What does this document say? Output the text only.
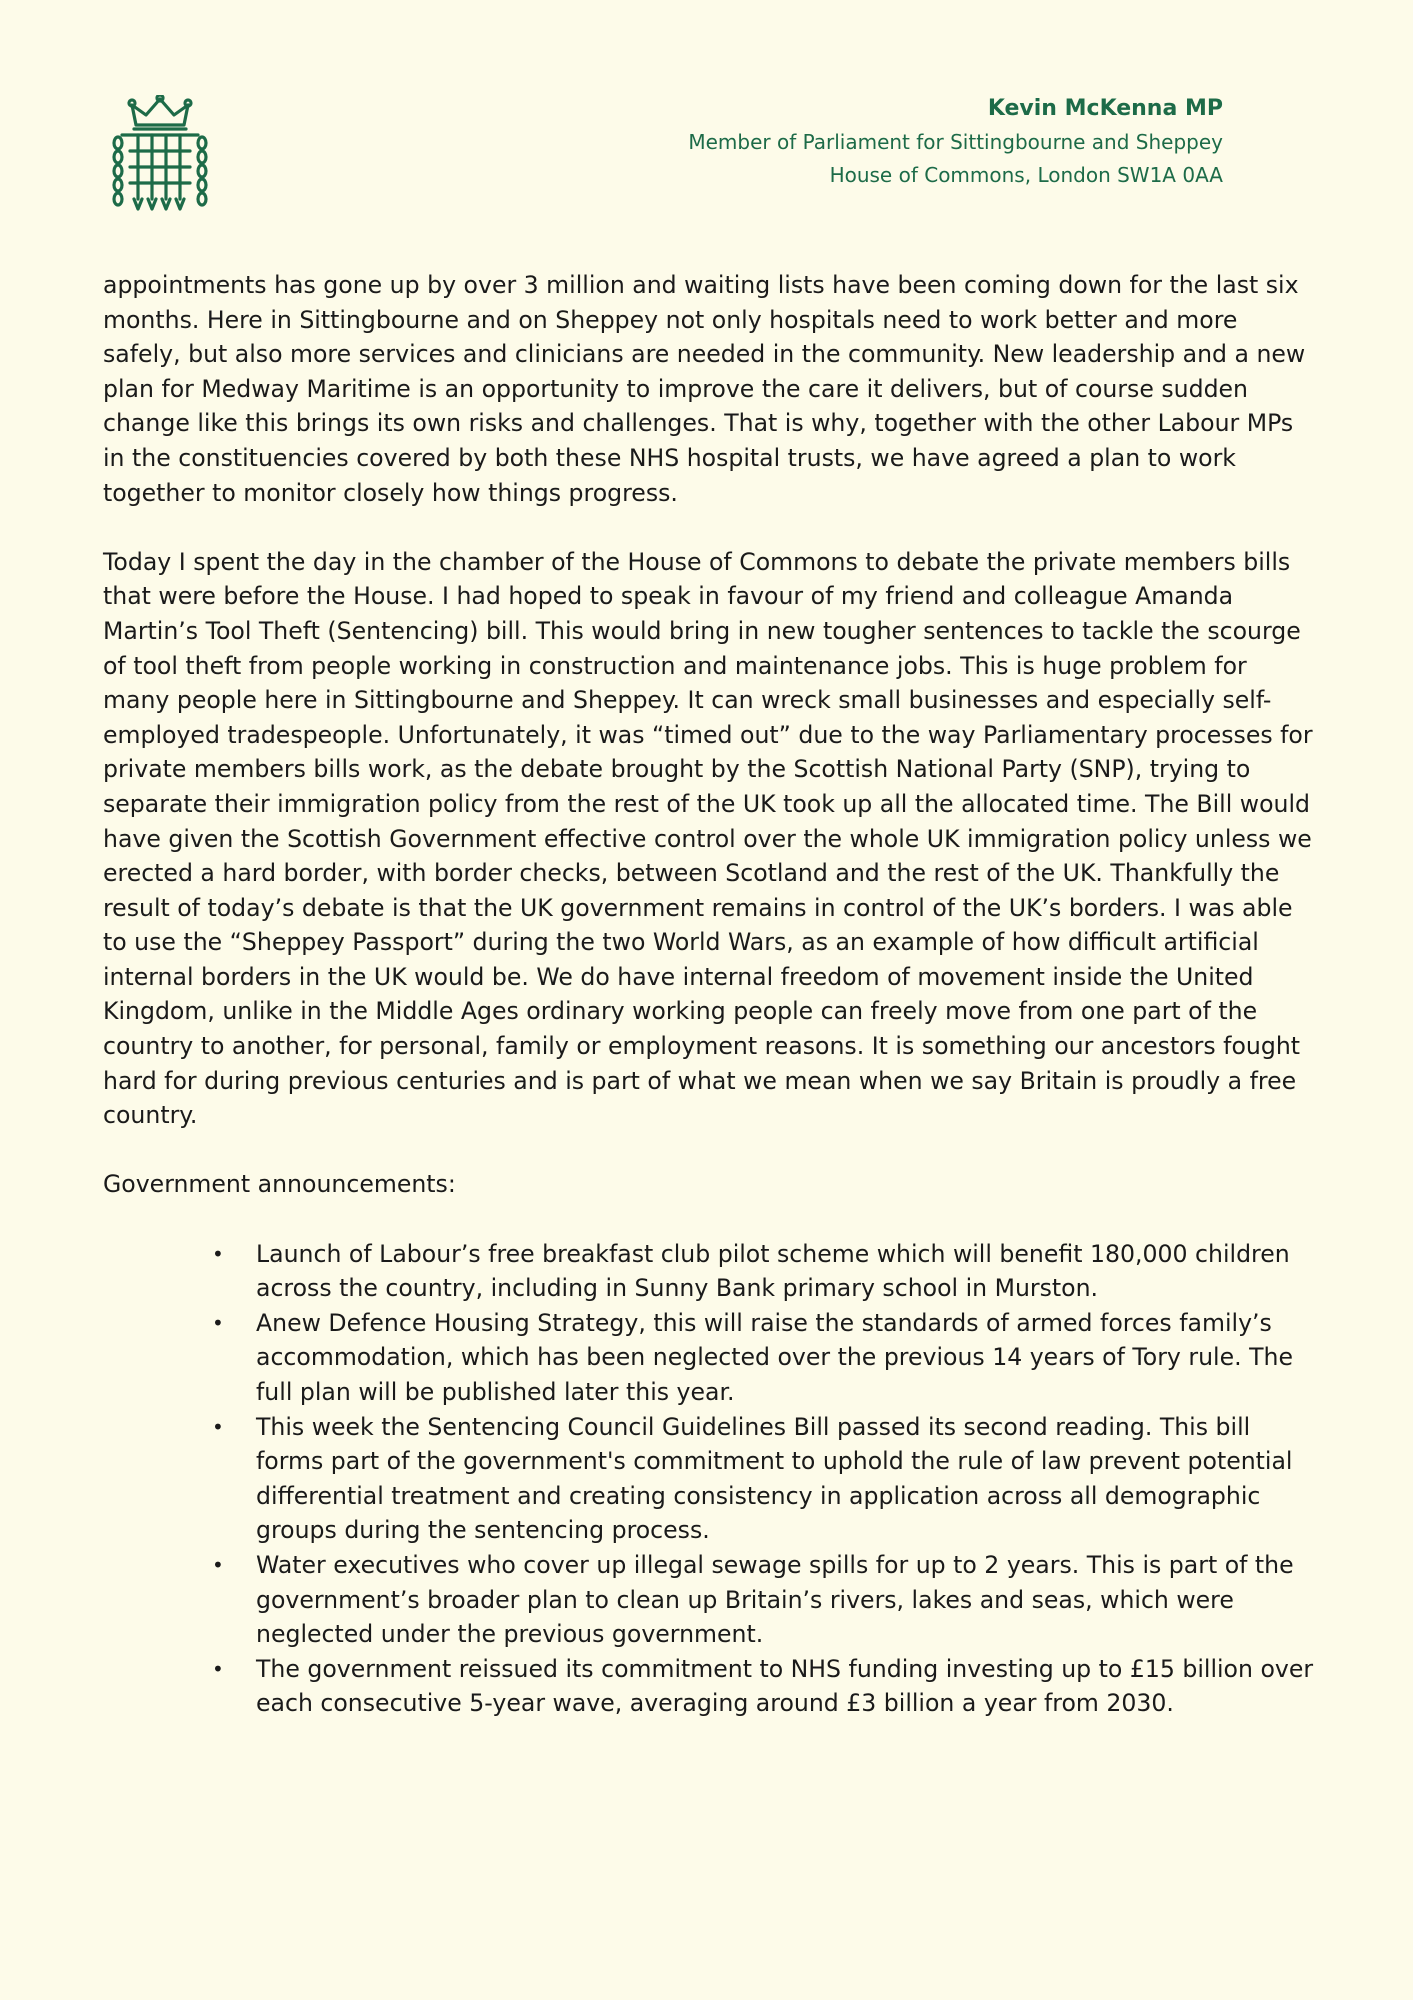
Kevin McKenna MP
Member of Parliament for Sittingbourne and Sheppey
House of Commons, London SW1A 0AA

appointments has gone up by over 3 million and waiting lists have been coming down for the last six months. Here in Sittingbourne and on Sheppey not only hospitals need to work better and more safely, but also more services and clinicians are needed in the community. New leadership and a new plan for Medway Maritime is an opportunity to improve the care it delivers, but of course sudden change like this brings its own risks and challenges. That is why, together with the other Labour MPs in the constituencies covered by both these NHS hospital trusts, we have agreed a plan to work together to monitor closely how things progress.

Today I spent the day in the chamber of the House of Commons to debate the private members bills that were before the House. I had hoped to speak in favour of my friend and colleague Amanda Martin’s Tool Theft (Sentencing) bill. This would bring in new tougher sentences to tackle the scourge of tool theft from people working in construction and maintenance jobs. This is huge problem for many people here in Sittingbourne and Sheppey. It can wreck small businesses and especially self-employed tradespeople. Unfortunately, it was “timed out” due to the way Parliamentary processes for private members bills work, as the debate brought by the Scottish National Party (SNP), trying to separate their immigration policy from the rest of the UK took up all the allocated time. The Bill would have given the Scottish Government effective control over the whole UK immigration policy unless we erected a hard border, with border checks, between Scotland and the rest of the UK. Thankfully the result of today’s debate is that the UK government remains in control of the UK’s borders. I was able to use the “Sheppey Passport” during the two World Wars, as an example of how difficult artificial internal borders in the UK would be. We do have internal freedom of movement inside the United Kingdom, unlike in the Middle Ages ordinary working people can freely move from one part of the country to another, for personal, family or employment reasons. It is something our ancestors fought hard for during previous centuries and is part of what we mean when we say Britain is proudly a free country.

Government announcements:

• Launch of Labour’s free breakfast club pilot scheme which will benefit 180,000 children across the country, including in Sunny Bank primary school in Murston.
• Anew Defence Housing Strategy, this will raise the standards of armed forces family’s accommodation, which has been neglected over the previous 14 years of Tory rule. The full plan will be published later this year.
• This week the Sentencing Council Guidelines Bill passed its second reading. This bill forms part of the government's commitment to uphold the rule of law prevent potential differential treatment and creating consistency in application across all demographic groups during the sentencing process.
• Water executives who cover up illegal sewage spills for up to 2 years. This is part of the government’s broader plan to clean up Britain’s rivers, lakes and seas, which were neglected under the previous government.
• The government reissued its commitment to NHS funding investing up to £15 billion over each consecutive 5-year wave, averaging around £3 billion a year from 2030.
